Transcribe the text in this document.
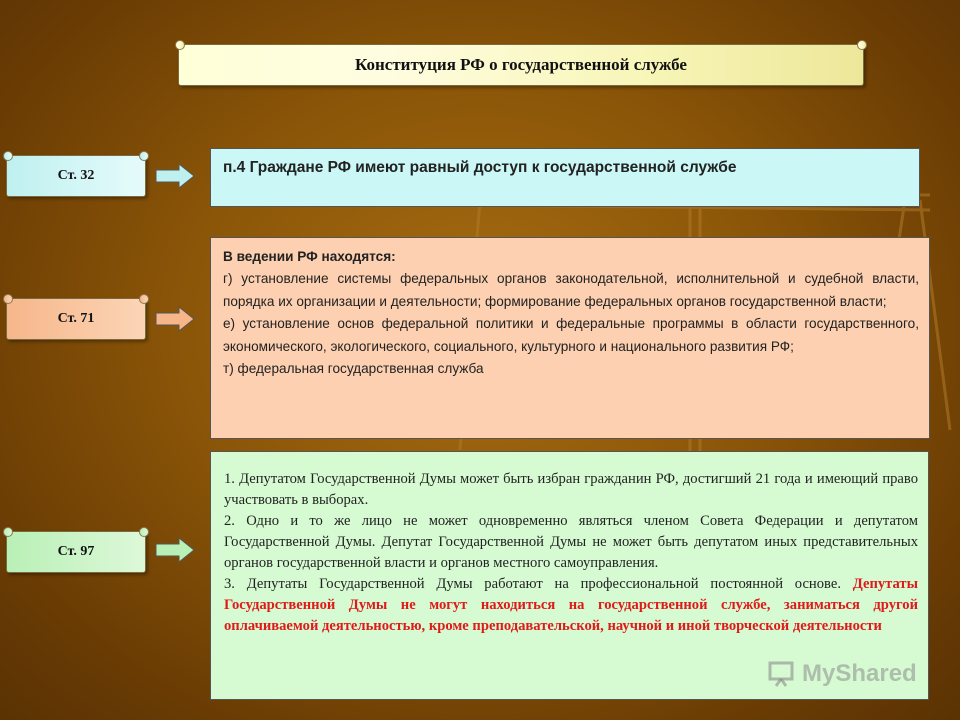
Конституция РФ о государственной службе
Ст. 32
Ст. 71
Ст. 97
п.4 Граждане РФ имеют равный доступ к государственной службе
В ведении РФ находятся:
г) установление системы федеральных органов законодательной, исполнительной и судебной власти, порядка их организации и деятельности; формирование федеральных органов государственной власти;
е) установление основ федеральной политики и федеральные программы в области государственного, экономического, экологического, социального, культурного и национального развития РФ;
т) федеральная государственная служба
1. Депутатом Государственной Думы может быть избран гражданин РФ, достигший 21 года и имеющий право участвовать в выборах.
2. Одно и то же лицо не может одновременно являться членом Совета Федерации и депутатом Государственной Думы. Депутат Государственной Думы не может быть депутатом иных представительных органов государственной власти и органов местного самоуправления.
3. Депутаты Государственной Думы работают на профессиональной постоянной основе. Депутаты Государственной Думы не могут находиться на государственной службе, заниматься другой оплачиваемой деятельностью, кроме преподавательской, научной и иной творческой деятельности
MyShared
